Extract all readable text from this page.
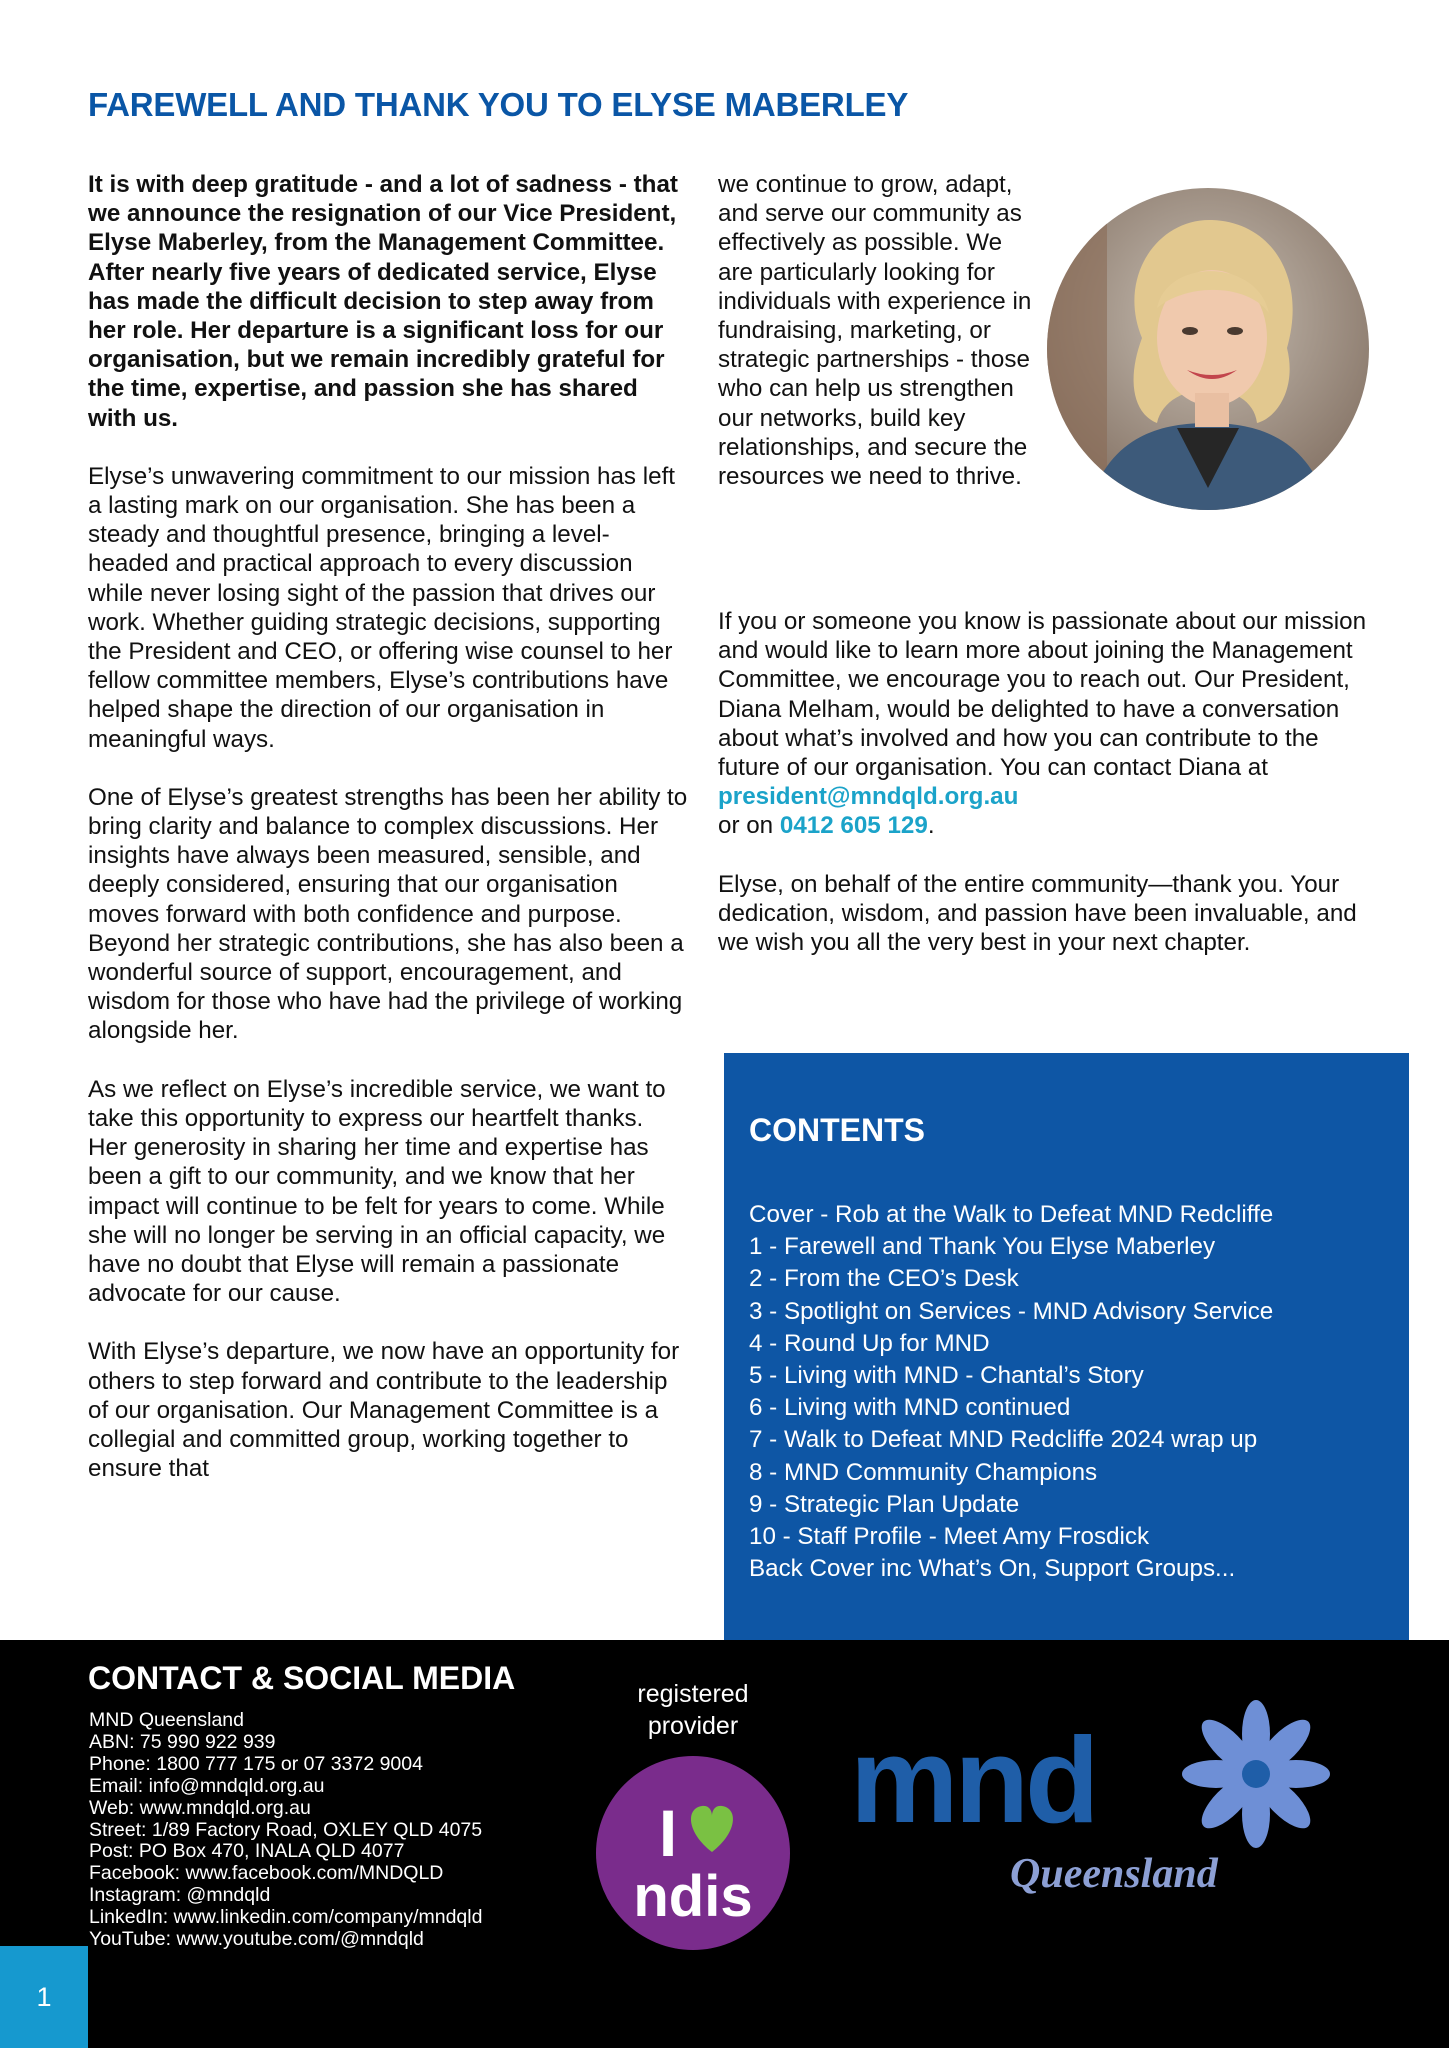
FAREWELL AND THANK YOU TO ELYSE MABERLEY

It is with deep gratitude - and a lot of sadness - that we announce the resignation of our Vice President, Elyse Maberley, from the Management Committee. After nearly five years of dedicated service, Elyse has made the difficult decision to step away from her role. Her departure is a significant loss for our organisation, but we remain incredibly grateful for the time, expertise, and passion she has shared with us.

Elyse’s unwavering commitment to our mission has left a lasting mark on our organisation. She has been a steady and thoughtful presence, bringing a level-headed and practical approach to every discussion while never losing sight of the passion that drives our work. Whether guiding strategic decisions, supporting the President and CEO, or offering wise counsel to her fellow committee members, Elyse’s contributions have helped shape the direction of our organisation in meaningful ways.

One of Elyse’s greatest strengths has been her ability to bring clarity and balance to complex discussions. Her insights have always been measured, sensible, and deeply considered, ensuring that our organisation moves forward with both confidence and purpose. Beyond her strategic contributions, she has also been a wonderful source of support, encouragement, and wisdom for those who have had the privilege of working alongside her.

As we reflect on Elyse’s incredible service, we want to take this opportunity to express our heartfelt thanks. Her generosity in sharing her time and expertise has been a gift to our community, and we know that her impact will continue to be felt for years to come. While she will no longer be serving in an official capacity, we have no doubt that Elyse will remain a passionate advocate for our cause.

With Elyse’s departure, we now have an opportunity for others to step forward and contribute to the leadership of our organisation. Our Management Committee is a collegial and committed group, working together to ensure that

we continue to grow, adapt, and serve our community as effectively as possible. We are particularly looking for individuals with experience in fundraising, marketing, or strategic partnerships - those who can help us strengthen our networks, build key relationships, and secure the resources we need to thrive.

If you or someone you know is passionate about our mission and would like to learn more about joining the Management Committee, we encourage you to reach out. Our President, Diana Melham, would be delighted to have a conversation about what’s involved and how you can contribute to the future of our organisation. You can contact Diana at president@mndqld.org.au
or on 0412 605 129.

Elyse, on behalf of the entire community—thank you. Your dedication, wisdom, and passion have been invaluable, and we wish you all the very best in your next chapter.

CONTENTS
Cover - Rob at the Walk to Defeat MND Redcliffe
1 - Farewell and Thank You Elyse Maberley
2 - From the CEO’s Desk
3 - Spotlight on Services - MND Advisory Service
4 - Round Up for MND
5 - Living with MND - Chantal’s Story
6 - Living with MND continued
7 - Walk to Defeat MND Redcliffe 2024 wrap up
8 - MND Community Champions
9 - Strategic Plan Update
10 - Staff Profile - Meet Amy Frosdick
Back Cover inc What’s On, Support Groups...
CONTACT & SOCIAL MEDIA
MND Queensland
ABN: 75 990 922 939
Phone: 1800 777 175 or 07 3372 9004
Email: info@mndqld.org.au
Web: www.mndqld.org.au
Street: 1/89 Factory Road, OXLEY QLD 4075
Post: PO Box 470, INALA QLD 4077
Facebook: www.facebook.com/MNDQLD
Instagram: @mndqld
LinkedIn: www.linkedin.com/company/mndqld
YouTube: www.youtube.com/@mndqld
registered
provider
I
ndis
mnd
Queensland
1
